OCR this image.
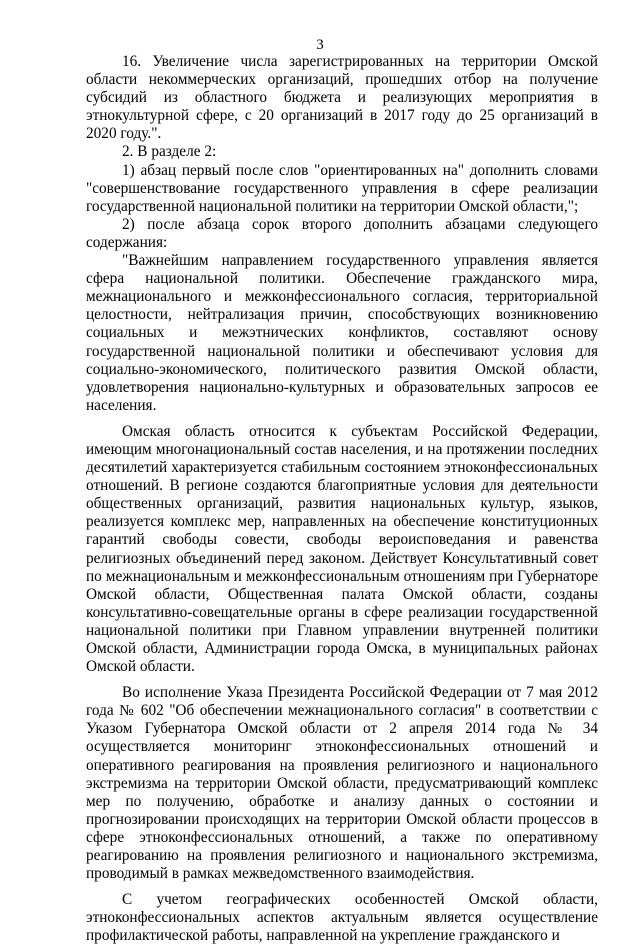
3

16. Увеличение числа зарегистрированных на территории Омской области некоммерческих организаций, прошедших отбор на получение субсидий из областного бюджета и реализующих мероприятия в этнокультурной сфере, с 20 организаций в 2017 году до 25 организаций в 2020 году.".

2. В разделе 2:

1) абзац первый после слов "ориентированных на" дополнить словами "совершенствование государственного управления в сфере реализации государственной национальной политики на территории Омской области,";

2) после абзаца сорок второго дополнить абзацами следующего содержания:

"Важнейшим направлением государственного управления является сфера национальной политики. Обеспечение гражданского мира, межнационального и межконфессионального согласия, территориальной целостности, нейтрализация причин, способствующих возникновению социальных и межэтнических конфликтов, составляют основу государственной национальной политики и обеспечивают условия для социально-экономического, политического развития Омской области, удовлетворения национально-культурных и образовательных запросов ее населения.

Омская область относится к субъектам Российской Федерации, имеющим многонациональный состав населения, и на протяжении последних десятилетий характеризуется стабильным состоянием этноконфессиональных отношений. В регионе создаются благоприятные условия для деятельности общественных организаций, развития национальных культур, языков, реализуется комплекс мер, направленных на обеспечение конституционных гарантий свободы совести, свободы вероисповедания и равенства религиозных объединений перед законом. Действует Консультативный совет по межнациональным и межконфессиональным отношениям при Губернаторе Омской области, Общественная палата Омской области, созданы консультативно-совещательные органы в сфере реализации государственной национальной политики при Главном управлении внутренней политики Омской области, Администрации города Омска, в муниципальных районах Омской области.

Во исполнение Указа Президента Российской Федерации от 7 мая 2012 года № 602 "Об обеспечении межнационального согласия" в соответствии с Указом Губернатора Омской области от 2 апреля 2014 года № 34 осуществляется мониторинг этноконфессиональных отношений и оперативного реагирования на проявления религиозного и национального экстремизма на территории Омской области, предусматривающий комплекс мер по получению, обработке и анализу данных о состоянии и прогнозировании происходящих на территории Омской области процессов в сфере этноконфессиональных отношений, а также по оперативному реагированию на проявления религиозного и национального экстремизма, проводимый в рамках межведомственного взаимодействия.

С учетом географических особенностей Омской области, этноконфессиональных аспектов актуальным является осуществление профилактической работы, направленной на укрепление гражданского и
